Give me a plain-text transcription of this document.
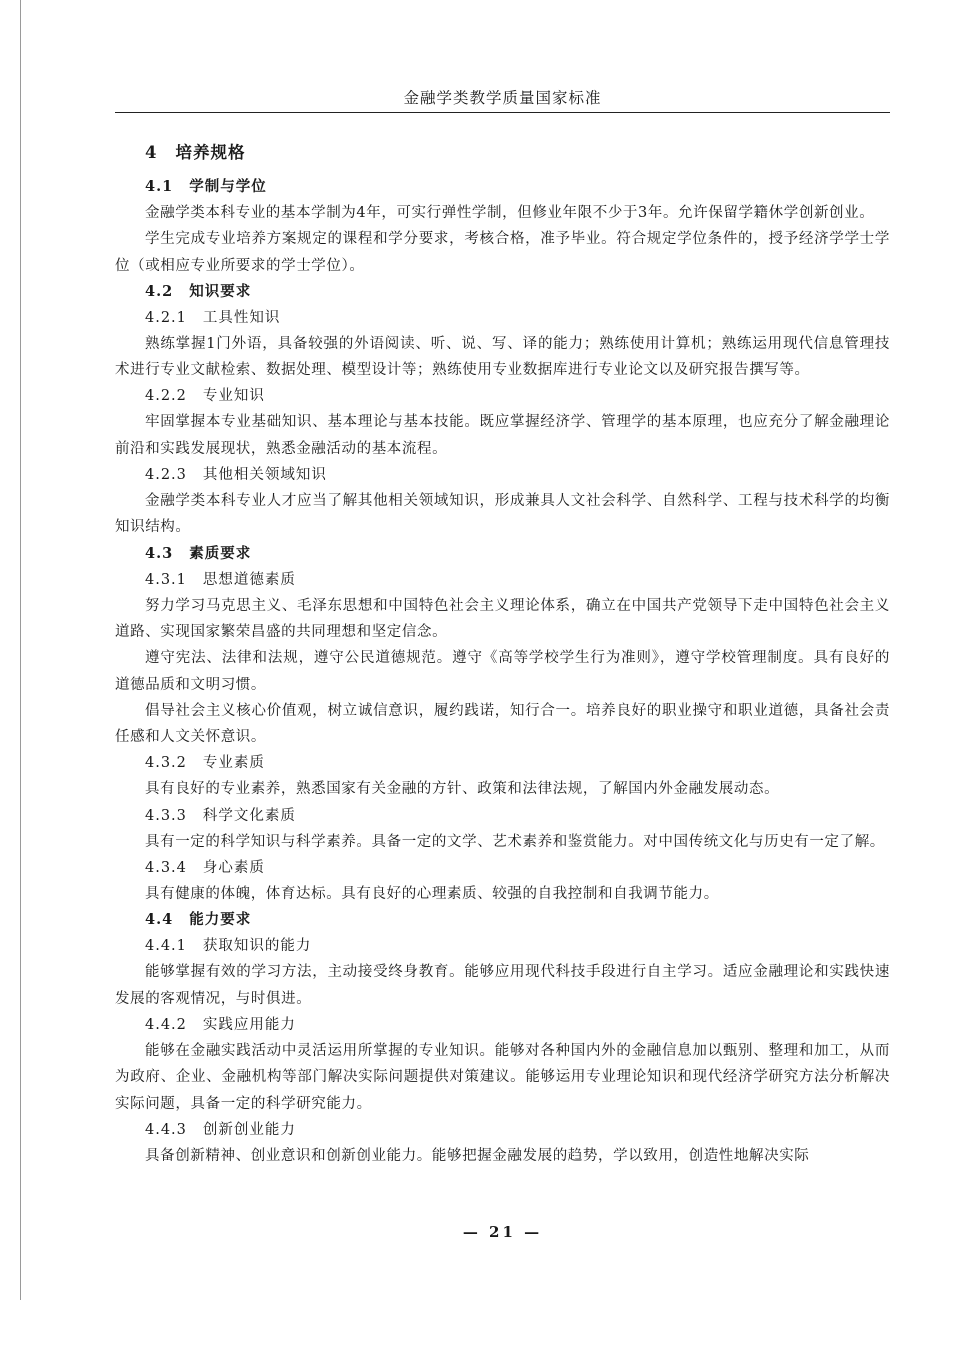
金融学类教学质量国家标准
4 培养规格
4.1 学制与学位
金融学类本科专业的基本学制为4年，可实行弹性学制，但修业年限不少于3年。允许保留学籍休学创新创业。
学生完成专业培养方案规定的课程和学分要求，考核合格，准予毕业。符合规定学位条件的，授予经济学学士学位（或相应专业所要求的学士学位）。
4.2 知识要求
4.2.1 工具性知识
熟练掌握1门外语，具备较强的外语阅读、听、说、写、译的能力；熟练使用计算机；熟练运用现代信息管理技术进行专业文献检索、数据处理、模型设计等；熟练使用专业数据库进行专业论文以及研究报告撰写等。
4.2.2 专业知识
牢固掌握本专业基础知识、基本理论与基本技能。既应掌握经济学、管理学的基本原理，也应充分了解金融理论前沿和实践发展现状，熟悉金融活动的基本流程。
4.2.3 其他相关领域知识
金融学类本科专业人才应当了解其他相关领域知识，形成兼具人文社会科学、自然科学、工程与技术科学的均衡知识结构。
4.3 素质要求
4.3.1 思想道德素质
努力学习马克思主义、毛泽东思想和中国特色社会主义理论体系，确立在中国共产党领导下走中国特色社会主义道路、实现国家繁荣昌盛的共同理想和坚定信念。
遵守宪法、法律和法规，遵守公民道德规范。遵守《高等学校学生行为准则》，遵守学校管理制度。具有良好的道德品质和文明习惯。
倡导社会主义核心价值观，树立诚信意识，履约践诺，知行合一。培养良好的职业操守和职业道德，具备社会责任感和人文关怀意识。
4.3.2 专业素质
具有良好的专业素养，熟悉国家有关金融的方针、政策和法律法规，了解国内外金融发展动态。
4.3.3 科学文化素质
具有一定的科学知识与科学素养。具备一定的文学、艺术素养和鉴赏能力。对中国传统文化与历史有一定了解。
4.3.4 身心素质
具有健康的体魄，体育达标。具有良好的心理素质、较强的自我控制和自我调节能力。
4.4 能力要求
4.4.1 获取知识的能力
能够掌握有效的学习方法，主动接受终身教育。能够应用现代科技手段进行自主学习。适应金融理论和实践快速发展的客观情况，与时俱进。
4.4.2 实践应用能力
能够在金融实践活动中灵活运用所掌握的专业知识。能够对各种国内外的金融信息加以甄别、整理和加工，从而为政府、企业、金融机构等部门解决实际问题提供对策建议。能够运用专业理论知识和现代经济学研究方法分析解决实际问题，具备一定的科学研究能力。
4.4.3 创新创业能力
具备创新精神、创业意识和创新创业能力。能够把握金融发展的趋势，学以致用，创造性地解决实际
— 21 —
